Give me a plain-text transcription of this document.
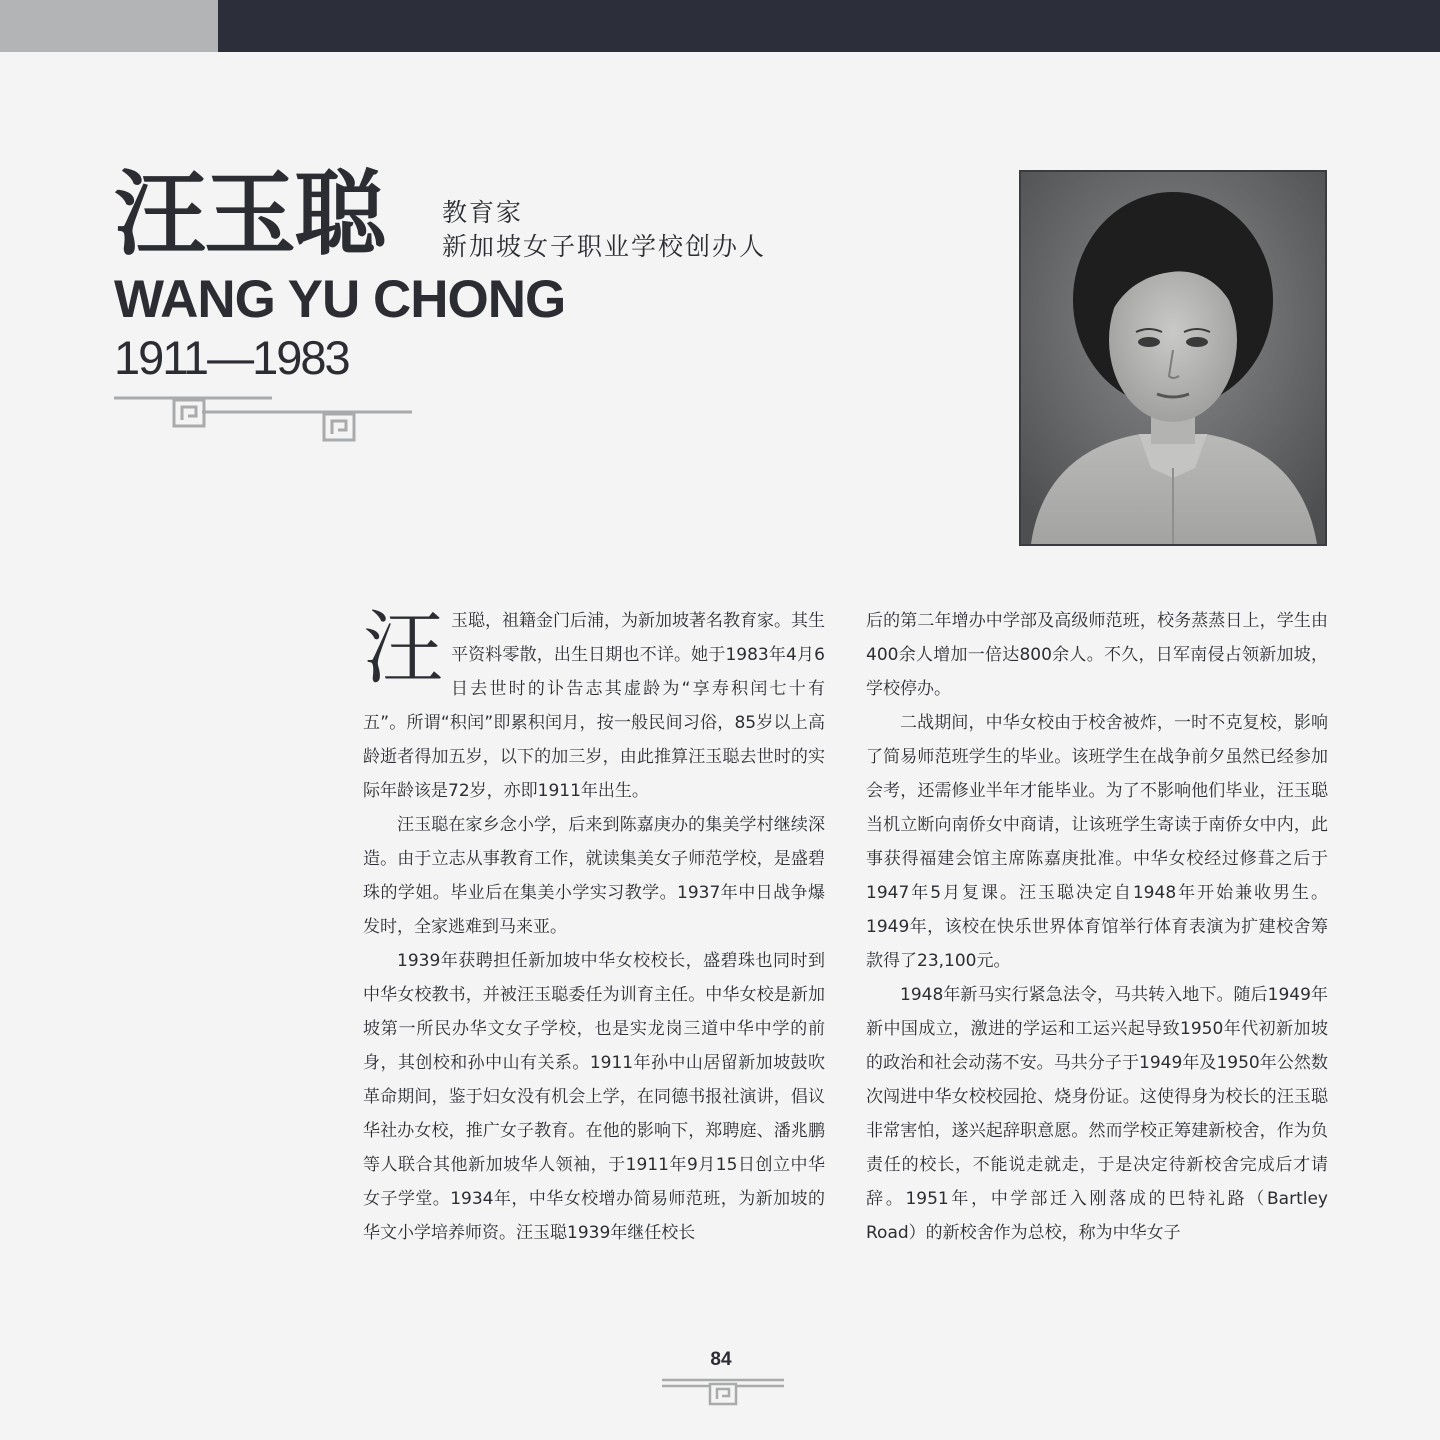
汪玉聪 教育家
新加坡女子职业学校创办人
WANG YU CHONG
1911—1983

汪玉聪，祖籍金门后浦，为新加坡著名教育家。其生平资料零散，出生日期也不详。她于1983年4月6日去世时的讣告志其虚龄为“享寿积闰七十有五”。所谓“积闰”即累积闰月，按一般民间习俗，85岁以上高龄逝者得加五岁，以下的加三岁，由此推算汪玉聪去世时的实际年龄该是72岁，亦即1911年出生。

汪玉聪在家乡念小学，后来到陈嘉庚办的集美学村继续深造。由于立志从事教育工作，就读集美女子师范学校，是盛碧珠的学姐。毕业后在集美小学实习教学。1937年中日战争爆发时，全家逃难到马来亚。

1939年获聘担任新加坡中华女校校长，盛碧珠也同时到中华女校教书，并被汪玉聪委任为训育主任。中华女校是新加坡第一所民办华文女子学校，也是实龙岗三道中华中学的前身，其创校和孙中山有关系。1911年孙中山居留新加坡鼓吹革命期间，鉴于妇女没有机会上学，在同德书报社演讲，倡议华社办女校，推广女子教育。在他的影响下，郑聘庭、潘兆鹏等人联合其他新加坡华人领袖，于1911年9月15日创立中华女子学堂。1934年，中华女校增办简易师范班，为新加坡的华文小学培养师资。汪玉聪1939年继任校长

后的第二年增办中学部及高级师范班，校务蒸蒸日上，学生由400余人增加一倍达800余人。不久，日军南侵占领新加坡，学校停办。

二战期间，中华女校由于校舍被炸，一时不克复校，影响了简易师范班学生的毕业。该班学生在战争前夕虽然已经参加会考，还需修业半年才能毕业。为了不影响他们毕业，汪玉聪当机立断向南侨女中商请，让该班学生寄读于南侨女中内，此事获得福建会馆主席陈嘉庚批准。中华女校经过修葺之后于1947年5月复课。汪玉聪决定自1948年开始兼收男生。1949年，该校在快乐世界体育馆举行体育表演为扩建校舍筹款得了23,100元。

1948年新马实行紧急法令，马共转入地下。随后1949年新中国成立，激进的学运和工运兴起导致1950年代初新加坡的政治和社会动荡不安。马共分子于1949年及1950年公然数次闯进中华女校校园抢、烧身份证。这使得身为校长的汪玉聪非常害怕，遂兴起辞职意愿。然而学校正筹建新校舍，作为负责任的校长，不能说走就走，于是决定待新校舍完成后才请辞。1951年，中学部迁入刚落成的巴特礼路（Bartley Road）的新校舍作为总校，称为中华女子

84
